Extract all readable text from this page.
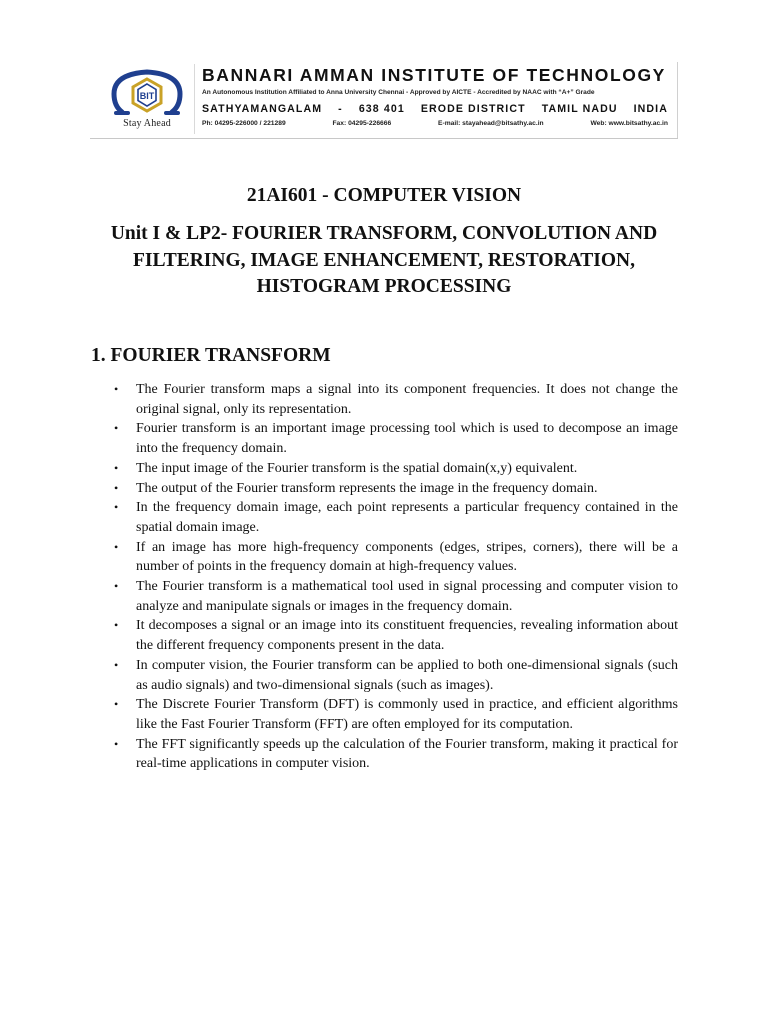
BIT
Stay Ahead
BANNARI AMMAN INSTITUTE OF TECHNOLOGY
An Autonomous Institution Affiliated to Anna University Chennai - Approved by AICTE - Accredited by NAAC with “A+” Grade
SATHYAMANGALAM - 638 401 ERODE DISTRICT TAMIL NADU INDIA
Ph: 04295-226000 / 221289	Fax: 04295-226666	E-mail: stayahead@bitsathy.ac.in	Web: www.bitsathy.ac.in
21AI601 - COMPUTER VISION
Unit I & LP2- FOURIER TRANSFORM, CONVOLUTION AND FILTERING, IMAGE ENHANCEMENT, RESTORATION, HISTOGRAM PROCESSING
1. FOURIER TRANSFORM
• The Fourier transform maps a signal into its component frequencies. It does not change the original signal, only its representation.
• Fourier transform is an important image processing tool which is used to decompose an image into the frequency domain.
• The input image of the Fourier transform is the spatial domain(x,y) equivalent.
• The output of the Fourier transform represents the image in the frequency domain.
• In the frequency domain image, each point represents a particular frequency contained in the spatial domain image.
• If an image has more high-frequency components (edges, stripes, corners), there will be a number of points in the frequency domain at high-frequency values.
• The Fourier transform is a mathematical tool used in signal processing and computer vision to analyze and manipulate signals or images in the frequency domain.
• It decomposes a signal or an image into its constituent frequencies, revealing information about the different frequency components present in the data.
• In computer vision, the Fourier transform can be applied to both one-dimensional signals (such as audio signals) and two-dimensional signals (such as images).
• The Discrete Fourier Transform (DFT) is commonly used in practice, and efficient algorithms like the Fast Fourier Transform (FFT) are often employed for its computation.
• The FFT significantly speeds up the calculation of the Fourier transform, making it practical for real-time applications in computer vision.
